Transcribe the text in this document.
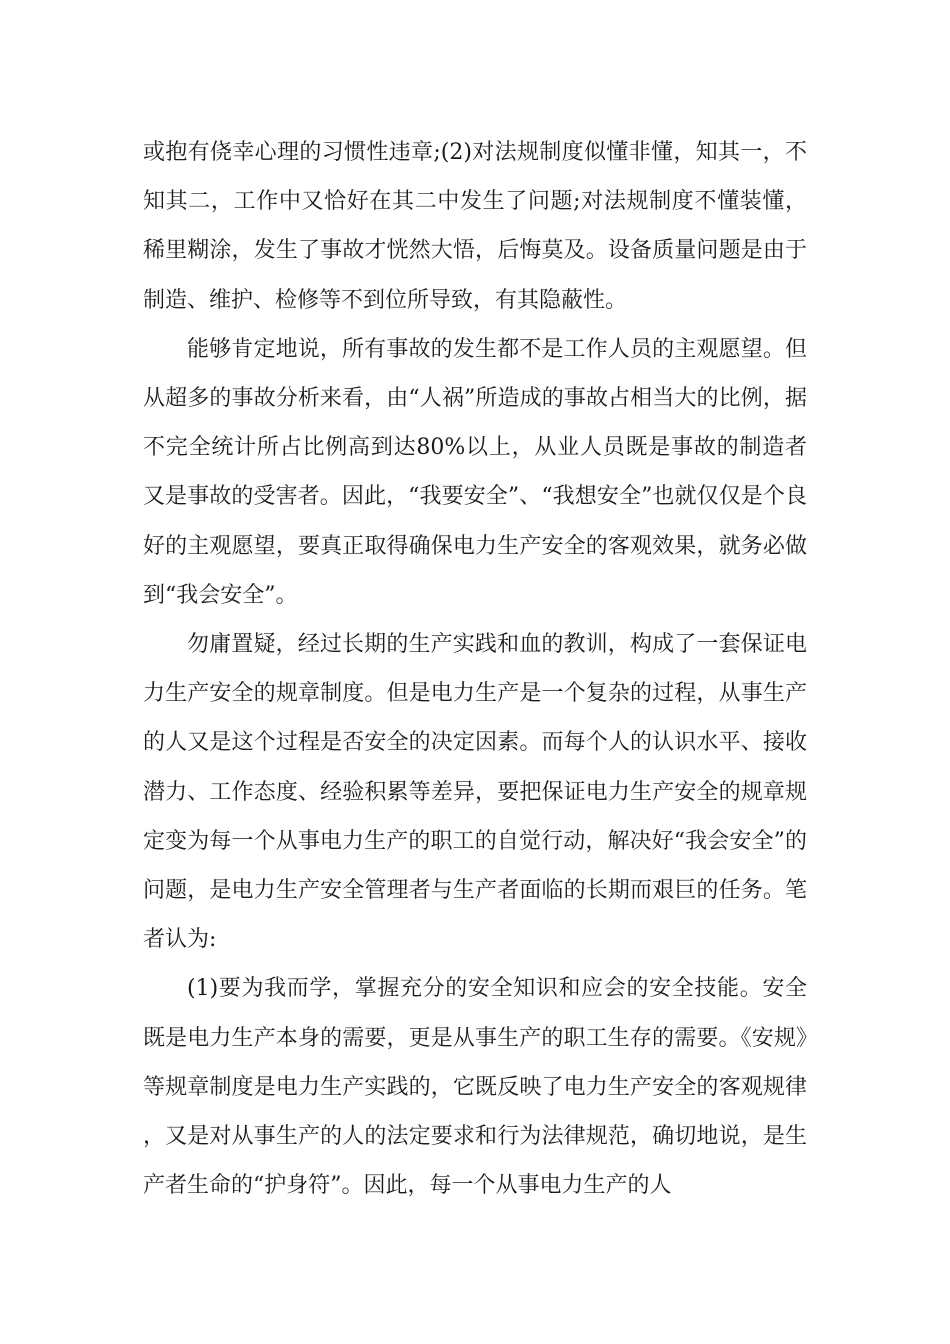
或抱有侥幸心理的习惯性违章;(2)对法规制度似懂非懂，知其一，不知其二，工作中又恰好在其二中发生了问题;对法规制度不懂装懂，稀里糊涂，发生了事故才恍然大悟，后悔莫及。设备质量问题是由于制造、维护、检修等不到位所导致，有其隐蔽性。

能够肯定地说，所有事故的发生都不是工作人员的主观愿望。但从超多的事故分析来看，由“人祸”所造成的事故占相当大的比例，据不完全统计所占比例高到达80%以上，从业人员既是事故的制造者又是事故的受害者。因此，“我要安全”、“我想安全”也就仅仅是个良好的主观愿望，要真正取得确保电力生产安全的客观效果，就务必做到“我会安全”。

勿庸置疑，经过长期的生产实践和血的教训，构成了一套保证电力生产安全的规章制度。但是电力生产是一个复杂的过程，从事生产的人又是这个过程是否安全的决定因素。而每个人的认识水平、接收潜力、工作态度、经验积累等差异，要把保证电力生产安全的规章规定变为每一个从事电力生产的职工的自觉行动，解决好“我会安全”的问题，是电力生产安全管理者与生产者面临的长期而艰巨的任务。笔者认为:

(1)要为我而学，掌握充分的安全知识和应会的安全技能。安全既是电力生产本身的需要，更是从事生产的职工生存的需要。《安规》等规章制度是电力生产实践的，它既反映了电力生产安全的客观规律，又是对从事生产的人的法定要求和行为法律规范，确切地说，是生产者生命的“护身符”。因此，每一个从事电力生产的人
